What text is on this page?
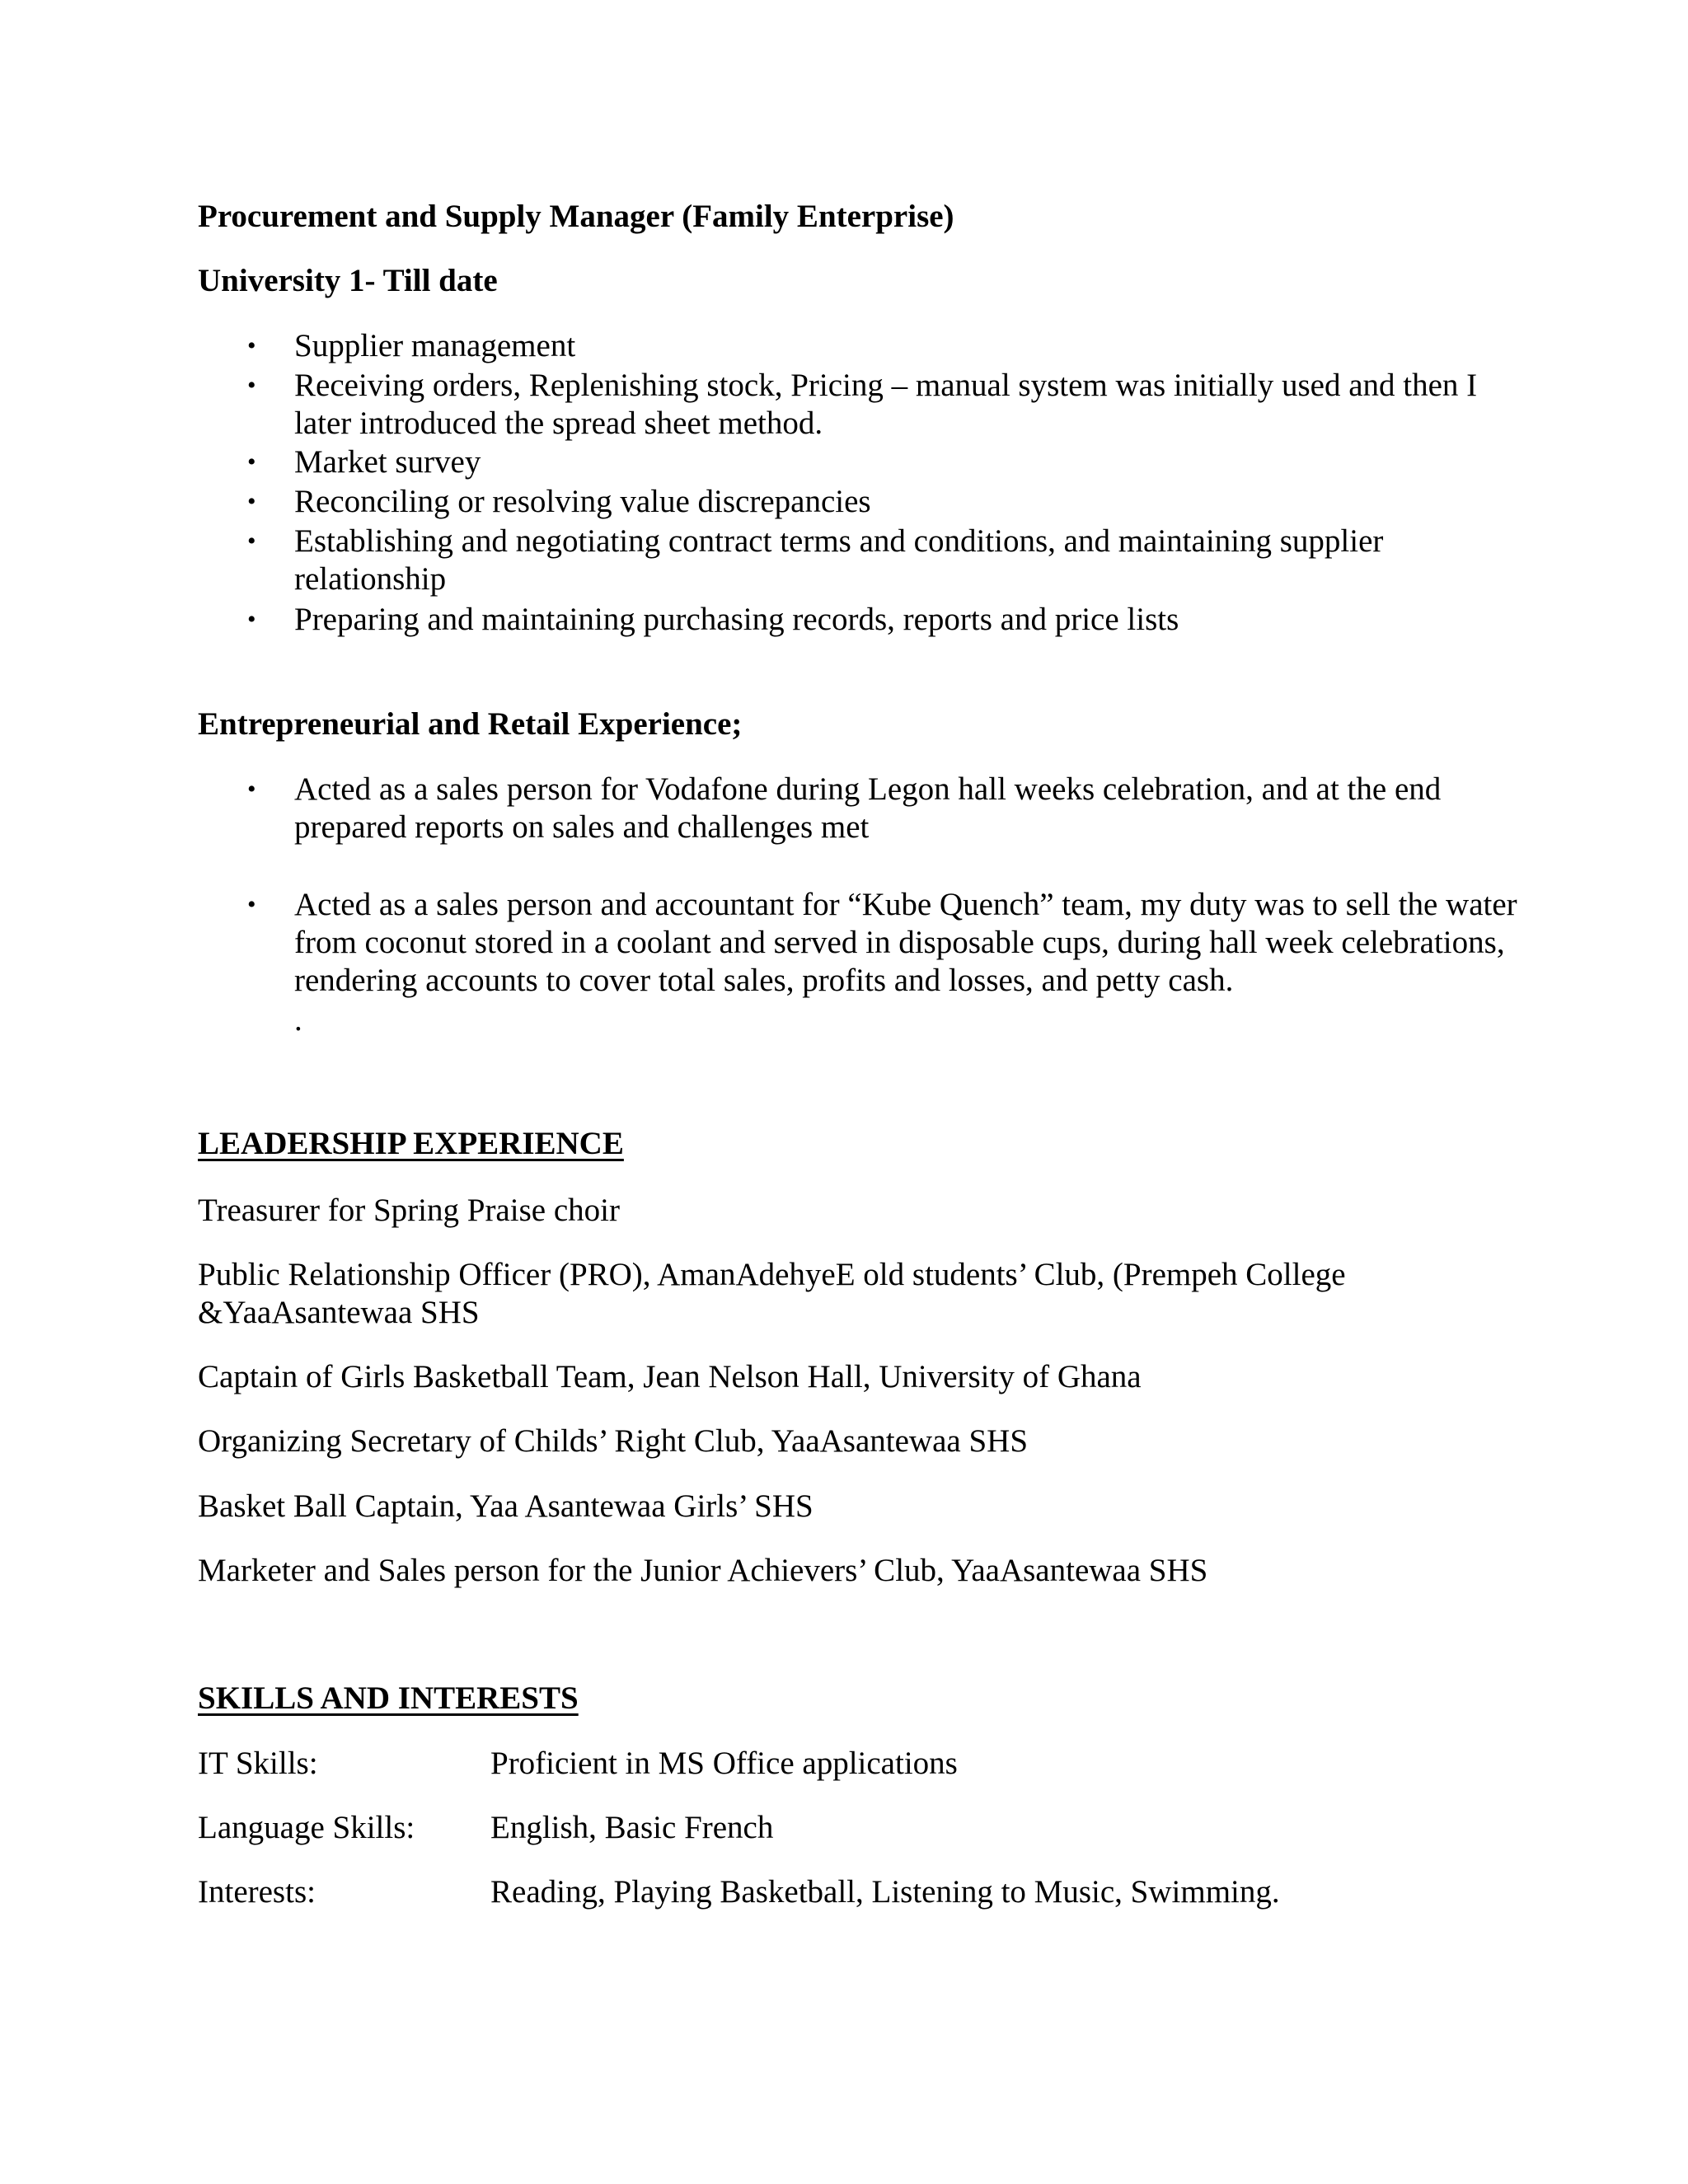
Procurement and Supply Manager (Family Enterprise)
University 1- Till date
• Supplier management
• Receiving orders, Replenishing stock, Pricing – manual system was initially used and then I later introduced the spread sheet method.
• Market survey
• Reconciling or resolving value discrepancies
• Establishing and negotiating contract terms and conditions, and maintaining supplier relationship
• Preparing and maintaining purchasing records, reports and price lists
Entrepreneurial and Retail Experience;
• Acted as a sales person for Vodafone during Legon hall weeks celebration, and at the end prepared reports on sales and challenges met
• Acted as a sales person and accountant for “Kube Quench” team, my duty was to sell the water from coconut stored in a coolant and served in disposable cups, during hall week celebrations, rendering accounts to cover total sales, profits and losses, and petty cash.
.
LEADERSHIP EXPERIENCE
Treasurer for Spring Praise choir
Public Relationship Officer (PRO), AmanAdehyeE old students’ Club, (Prempeh College
&YaaAsantewaa SHS
Captain of Girls Basketball Team, Jean Nelson Hall, University of Ghana
Organizing Secretary of Childs’ Right Club, YaaAsantewaa SHS
Basket Ball Captain, Yaa Asantewaa Girls’ SHS
Marketer and Sales person for the Junior Achievers’ Club, YaaAsantewaa SHS
SKILLS AND INTERESTS
IT Skills:	Proficient in MS Office applications
Language Skills: English, Basic French
Interests:	Reading, Playing Basketball, Listening to Music, Swimming.
